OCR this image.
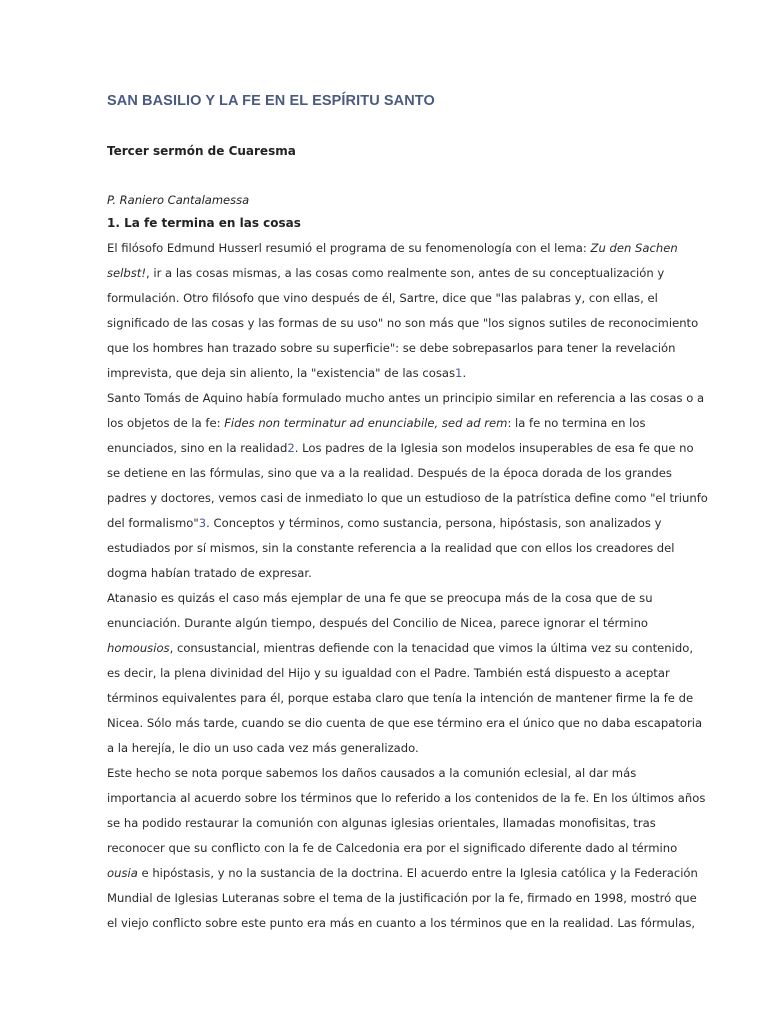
SAN BASILIO Y LA FE EN EL ESPÍRITU SANTO

Tercer sermón de Cuaresma

P. Raniero Cantalamessa

1. La fe termina en las cosas

El filósofo Edmund Husserl resumió el programa de su fenomenología con el lema: Zu den Sachen
selbst!, ir a las cosas mismas, a las cosas como realmente son, antes de su conceptualización y
formulación. Otro filósofo que vino después de él, Sartre, dice que "las palabras y, con ellas, el
significado de las cosas y las formas de su uso" no son más que "los signos sutiles de reconocimiento
que los hombres han trazado sobre su superficie": se debe sobrepasarlos para tener la revelación
imprevista, que deja sin aliento, la "existencia" de las cosas1.
Santo Tomás de Aquino había formulado mucho antes un principio similar en referencia a las cosas o a
los objetos de la fe: Fides non terminatur ad enunciabile, sed ad rem: la fe no termina en los
enunciados, sino en la realidad2. Los padres de la Iglesia son modelos insuperables de esa fe que no
se detiene en las fórmulas, sino que va a la realidad. Después de la época dorada de los grandes
padres y doctores, vemos casi de inmediato lo que un estudioso de la patrística define como "el triunfo
del formalismo"3. Conceptos y términos, como sustancia, persona, hipóstasis, son analizados y
estudiados por sí mismos, sin la constante referencia a la realidad que con ellos los creadores del
dogma habían tratado de expresar.
Atanasio es quizás el caso más ejemplar de una fe que se preocupa más de la cosa que de su
enunciación. Durante algún tiempo, después del Concilio de Nicea, parece ignorar el término
homousios, consustancial, mientras defiende con la tenacidad que vimos la última vez su contenido,
es decir, la plena divinidad del Hijo y su igualdad con el Padre. También está dispuesto a aceptar
términos equivalentes para él, porque estaba claro que tenía la intención de mantener firme la fe de
Nicea. Sólo más tarde, cuando se dio cuenta de que ese término era el único que no daba escapatoria
a la herejía, le dio un uso cada vez más generalizado.
Este hecho se nota porque sabemos los daños causados a la comunión eclesial, al dar más
importancia al acuerdo sobre los términos que lo referido a los contenidos de la fe. En los últimos años
se ha podido restaurar la comunión con algunas iglesias orientales, llamadas monofisitas, tras
reconocer que su conflicto con la fe de Calcedonia era por el significado diferente dado al término
ousia e hipóstasis, y no la sustancia de la doctrina. El acuerdo entre la Iglesia católica y la Federación
Mundial de Iglesias Luteranas sobre el tema de la justificación por la fe, firmado en 1998, mostró que
el viejo conflicto sobre este punto era más en cuanto a los términos que en la realidad. Las fórmulas,
